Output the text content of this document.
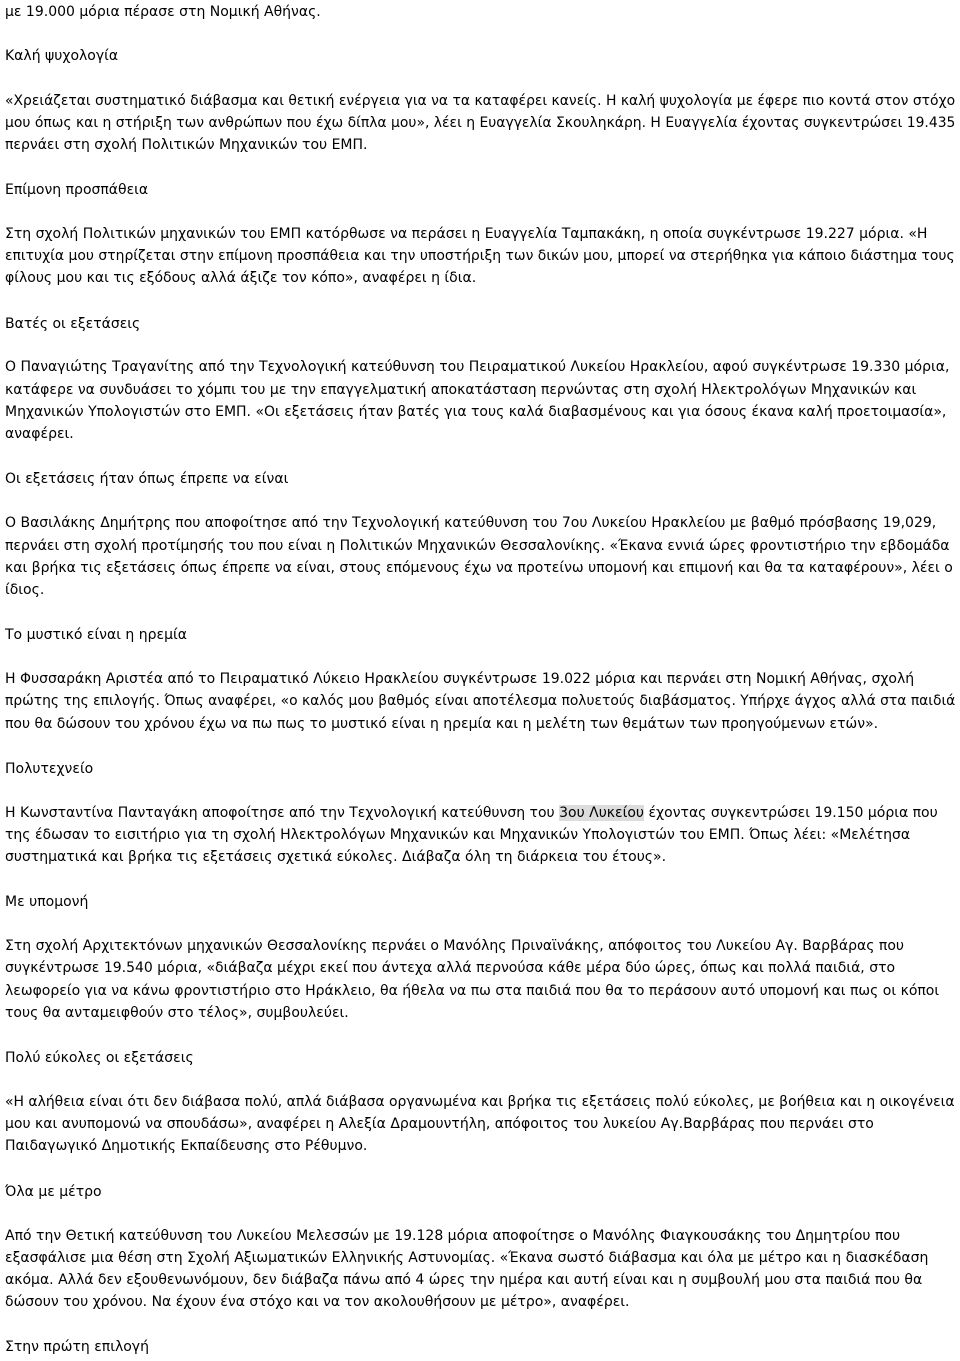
με 19.000 μόρια πέρασε στη Νομική Αθήνας.
Καλή ψυχολογία
«Χρειάζεται συστηματικό διάβασμα και θετική ενέργεια για να τα καταφέρει κανείς. Η καλή ψυχολογία με έφερε πιο κοντά στον στόχο
μου όπως και η στήριξη των ανθρώπων που έχω δίπλα μου», λέει η Ευαγγελία Σκουληκάρη. Η Ευαγγελία έχοντας συγκεντρώσει 19.435
περνάει στη σχολή Πολιτικών Μηχανικών του ΕΜΠ.
Επίμονη προσπάθεια
Στη σχολή Πολιτικών μηχανικών του ΕΜΠ κατόρθωσε να περάσει η Ευαγγελία Ταμπακάκη, η οποία συγκέντρωσε 19.227 μόρια. «Η
επιτυχία μου στηρίζεται στην επίμονη προσπάθεια και την υποστήριξη των δικών μου, μπορεί να στερήθηκα για κάποιο διάστημα τους
φίλους μου και τις εξόδους αλλά άξιζε τον κόπο», αναφέρει η ίδια.
Βατές οι εξετάσεις
Ο Παναγιώτης Τραγανίτης από την Τεχνολογική κατεύθυνση του Πειραματικού Λυκείου Ηρακλείου, αφού συγκέντρωσε 19.330 μόρια,
κατάφερε να συνδυάσει το χόμπι του με την επαγγελματική αποκατάσταση περνώντας στη σχολή Ηλεκτρολόγων Μηχανικών και
Μηχανικών Υπολογιστών στο ΕΜΠ. «Οι εξετάσεις ήταν βατές για τους καλά διαβασμένους και για όσους έκανα καλή προετοιμασία»,
αναφέρει.
Οι εξετάσεις ήταν όπως έπρεπε να είναι
Ο Βασιλάκης Δημήτρης που αποφοίτησε από την Τεχνολογική κατεύθυνση του 7ου Λυκείου Ηρακλείου με βαθμό πρόσβασης 19,029,
περνάει στη σχολή προτίμησής του που είναι η Πολιτικών Μηχανικών Θεσσαλονίκης. «Έκανα εννιά ώρες φροντιστήριο την εβδομάδα
και βρήκα τις εξετάσεις όπως έπρεπε να είναι, στους επόμενους έχω να προτείνω υπομονή και επιμονή και θα τα καταφέρουν», λέει ο
ίδιος.
Το μυστικό είναι η ηρεμία
Η Φυσσαράκη Αριστέα από το Πειραματικό Λύκειο Ηρακλείου συγκέντρωσε 19.022 μόρια και περνάει στη Νομική Αθήνας, σχολή
πρώτης της επιλογής. Όπως αναφέρει, «ο καλός μου βαθμός είναι αποτέλεσμα πολυετούς διαβάσματος. Υπήρχε άγχος αλλά στα παιδιά
που θα δώσουν του χρόνου έχω να πω πως το μυστικό είναι η ηρεμία και η μελέτη των θεμάτων των προηγούμενων ετών».
Πολυτεχνείο
Η Κωνσταντίνα Πανταγάκη αποφοίτησε από την Τεχνολογική κατεύθυνση του 3ου Λυκείου έχοντας συγκεντρώσει 19.150 μόρια που
της έδωσαν το εισιτήριο για τη σχολή Ηλεκτρολόγων Μηχανικών και Μηχανικών Υπολογιστών του ΕΜΠ. Όπως λέει: «Μελέτησα
συστηματικά και βρήκα τις εξετάσεις σχετικά εύκολες. Διάβαζα όλη τη διάρκεια του έτους».
Με υπομονή
Στη σχολή Αρχιτεκτόνων μηχανικών Θεσσαλονίκης περνάει ο Μανόλης Πριναϊνάκης, απόφοιτος του Λυκείου Αγ. Βαρβάρας που
συγκέντρωσε 19.540 μόρια, «διάβαζα μέχρι εκεί που άντεχα αλλά περνούσα κάθε μέρα δύο ώρες, όπως και πολλά παιδιά, στο
λεωφορείο για να κάνω φροντιστήριο στο Ηράκλειο, θα ήθελα να πω στα παιδιά που θα το περάσουν αυτό υπομονή και πως οι κόποι
τους θα ανταμειφθούν στο τέλος», συμβουλεύει.
Πολύ εύκολες οι εξετάσεις
«Η αλήθεια είναι ότι δεν διάβασα πολύ, απλά διάβασα οργανωμένα και βρήκα τις εξετάσεις πολύ εύκολες, με βοήθεια και η οικογένεια
μου και ανυπομονώ να σπουδάσω», αναφέρει η Αλεξία Δραμουντήλη, απόφοιτος του λυκείου Αγ.Βαρβάρας που περνάει στο
Παιδαγωγικό Δημοτικής Εκπαίδευσης στο Ρέθυμνο.
Όλα με μέτρο
Από την Θετική κατεύθυνση του Λυκείου Μελεσσών με 19.128 μόρια αποφοίτησε ο Μανόλης Φιαγκουσάκης του Δημητρίου που
εξασφάλισε μια θέση στη Σχολή Αξιωματικών Ελληνικής Αστυνομίας. «Έκανα σωστό διάβασμα και όλα με μέτρο και η διασκέδαση
ακόμα. Αλλά δεν εξουθενωνόμουν, δεν διάβαζα πάνω από 4 ώρες την ημέρα και αυτή είναι και η συμβουλή μου στα παιδιά που θα
δώσουν του χρόνου. Να έχουν ένα στόχο και να τον ακολουθήσουν με μέτρο», αναφέρει.
Στην πρώτη επιλογή
